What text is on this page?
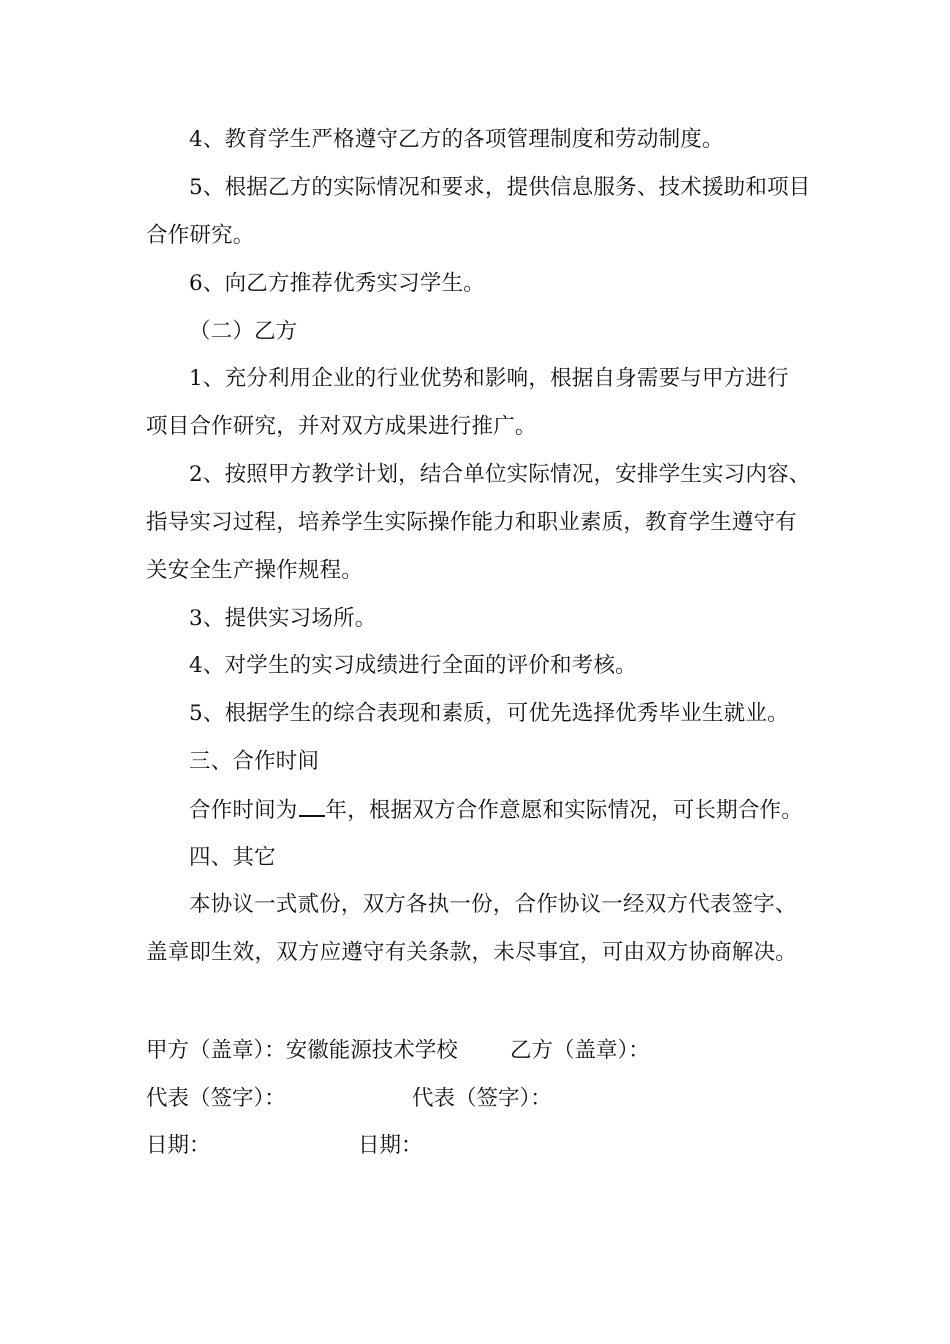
4、教育学生严格遵守乙方的各项管理制度和劳动制度。
5、根据乙方的实际情况和要求，提供信息服务、技术援助和项目
合作研究。
6、向乙方推荐优秀实习学生。
（二）乙方
1、充分利用企业的行业优势和影响，根据自身需要与甲方进行
项目合作研究，并对双方成果进行推广。
2、按照甲方教学计划，结合单位实际情况，安排学生实习内容、
指导实习过程，培养学生实际操作能力和职业素质，教育学生遵守有
关安全生产操作规程。
3、提供实习场所。
4、对学生的实习成绩进行全面的评价和考核。
5、根据学生的综合表现和素质，可优先选择优秀毕业生就业。
三、合作时间
合作时间为 年，根据双方合作意愿和实际情况，可长期合作。
四、其它
本协议一式贰份，双方各执一份，合作协议一经双方代表签字、
盖章即生效，双方应遵守有关条款，未尽事宜，可由双方协商解决。
甲方（盖章）：安徽能源技术学校 乙方（盖章）：
代表（签字）：	代表（签字）：
日期：	日期：
